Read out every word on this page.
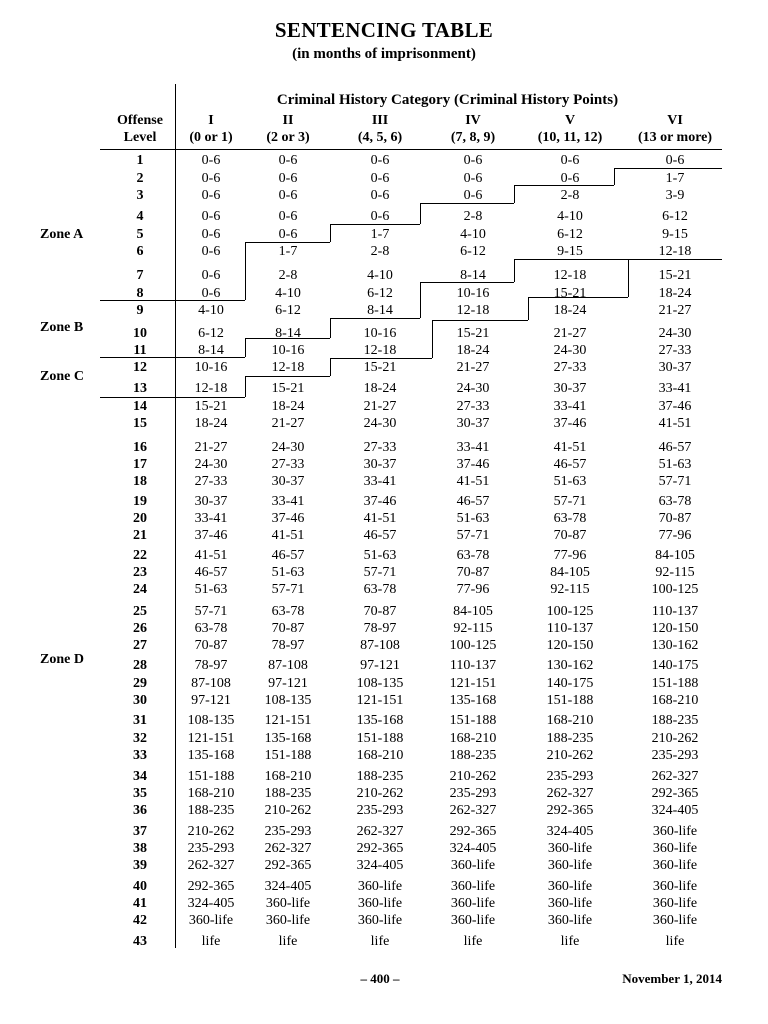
SENTENCING TABLE
(in months of imprisonment)
Criminal History Category (Criminal History Points)
Offense
Level
I
(0 or 1)
II
(2 or 3)
III
(4, 5, 6)
IV
(7, 8, 9)
V
(10, 11, 12)
VI
(13 or more)
1	0-6	0-6	0-6	0-6	0-6	0-6
2	0-6	0-6	0-6	0-6	0-6	1-7
3	0-6	0-6	0-6	0-6	2-8	3-9
4	0-6	0-6	0-6	2-8	4-10	6-12
5	0-6	0-6	1-7	4-10	6-12	9-15
6	0-6	1-7	2-8	6-12	9-15	12-18
7	0-6	2-8	4-10	8-14	12-18	15-21
8	0-6	4-10	6-12	10-16	15-21	18-24
9	4-10	6-12	8-14	12-18	18-24	21-27
10	6-12	8-14	10-16	15-21	21-27	24-30
11	8-14	10-16	12-18	18-24	24-30	27-33
12	10-16	12-18	15-21	21-27	27-33	30-37
13	12-18	15-21	18-24	24-30	30-37	33-41
14	15-21	18-24	21-27	27-33	33-41	37-46
15	18-24	21-27	24-30	30-37	37-46	41-51
16	21-27	24-30	27-33	33-41	41-51	46-57
17	24-30	27-33	30-37	37-46	46-57	51-63
18	27-33	30-37	33-41	41-51	51-63	57-71
19	30-37	33-41	37-46	46-57	57-71	63-78
20	33-41	37-46	41-51	51-63	63-78	70-87
21	37-46	41-51	46-57	57-71	70-87	77-96
22	41-51	46-57	51-63	63-78	77-96	84-105
23	46-57	51-63	57-71	70-87	84-105	92-115
24	51-63	57-71	63-78	77-96	92-115	100-125
25	57-71	63-78	70-87	84-105	100-125	110-137
26	63-78	70-87	78-97	92-115	110-137	120-150
27	70-87	78-97	87-108	100-125	120-150	130-162
28	78-97	87-108	97-121	110-137	130-162	140-175
29	87-108	97-121	108-135	121-151	140-175	151-188
30	97-121	108-135	121-151	135-168	151-188	168-210
31	108-135	121-151	135-168	151-188	168-210	188-235
32	121-151	135-168	151-188	168-210	188-235	210-262
33	135-168	151-188	168-210	188-235	210-262	235-293
34	151-188	168-210	188-235	210-262	235-293	262-327
35	168-210	188-235	210-262	235-293	262-327	292-365
36	188-235	210-262	235-293	262-327	292-365	324-405
37	210-262	235-293	262-327	292-365	324-405	360-life
38	235-293	262-327	292-365	324-405	360-life	360-life
39	262-327	292-365	324-405	360-life	360-life	360-life
40	292-365	324-405	360-life	360-life	360-life	360-life
41	324-405	360-life	360-life	360-life	360-life	360-life
42	360-life	360-life	360-life	360-life	360-life	360-life
43	life	life	life	life	life	life
Zone A
Zone B
Zone C
Zone D
– 400 –	November 1, 2014
